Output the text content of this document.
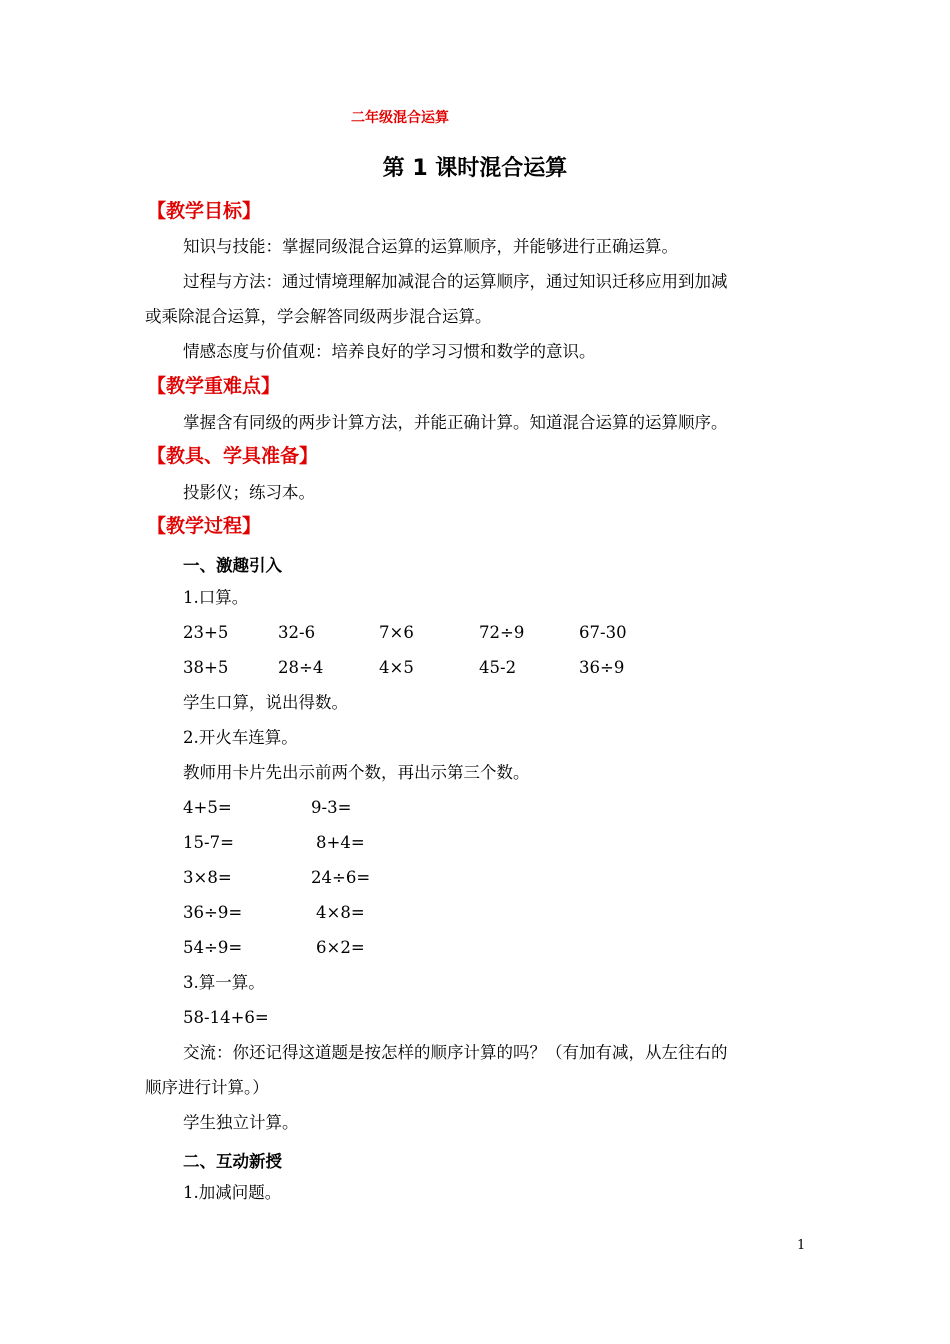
二年级混合运算
第 1 课时混合运算
【教学目标】
知识与技能：掌握同级混合运算的运算顺序，并能够进行正确运算。
过程与方法：通过情境理解加减混合的运算顺序，通过知识迁移应用到加减
或乘除混合运算，学会解答同级两步混合运算。
情感态度与价值观：培养良好的学习习惯和数学的意识。
【教学重难点】
掌握含有同级的两步计算方法，并能正确计算。知道混合运算的运算顺序。
【教具、学具准备】
投影仪；练习本。
【教学过程】
一、激趣引入
1.口算。
23+5	32-6	7×6	72÷9	67-30
38+5	28÷4	4×5	45-2	36÷9
学生口算，说出得数。
2.开火车连算。
教师用卡片先出示前两个数，再出示第三个数。
4+5=	9-3=
15-7=	8+4=
3×8=	24÷6=
36÷9=	4×8=
54÷9=	6×2=
3.算一算。
58-14+6=
交流：你还记得这道题是按怎样的顺序计算的吗？（有加有减，从左往右的
顺序进行计算。）
学生独立计算。
二、互动新授
1.加减问题。
1
